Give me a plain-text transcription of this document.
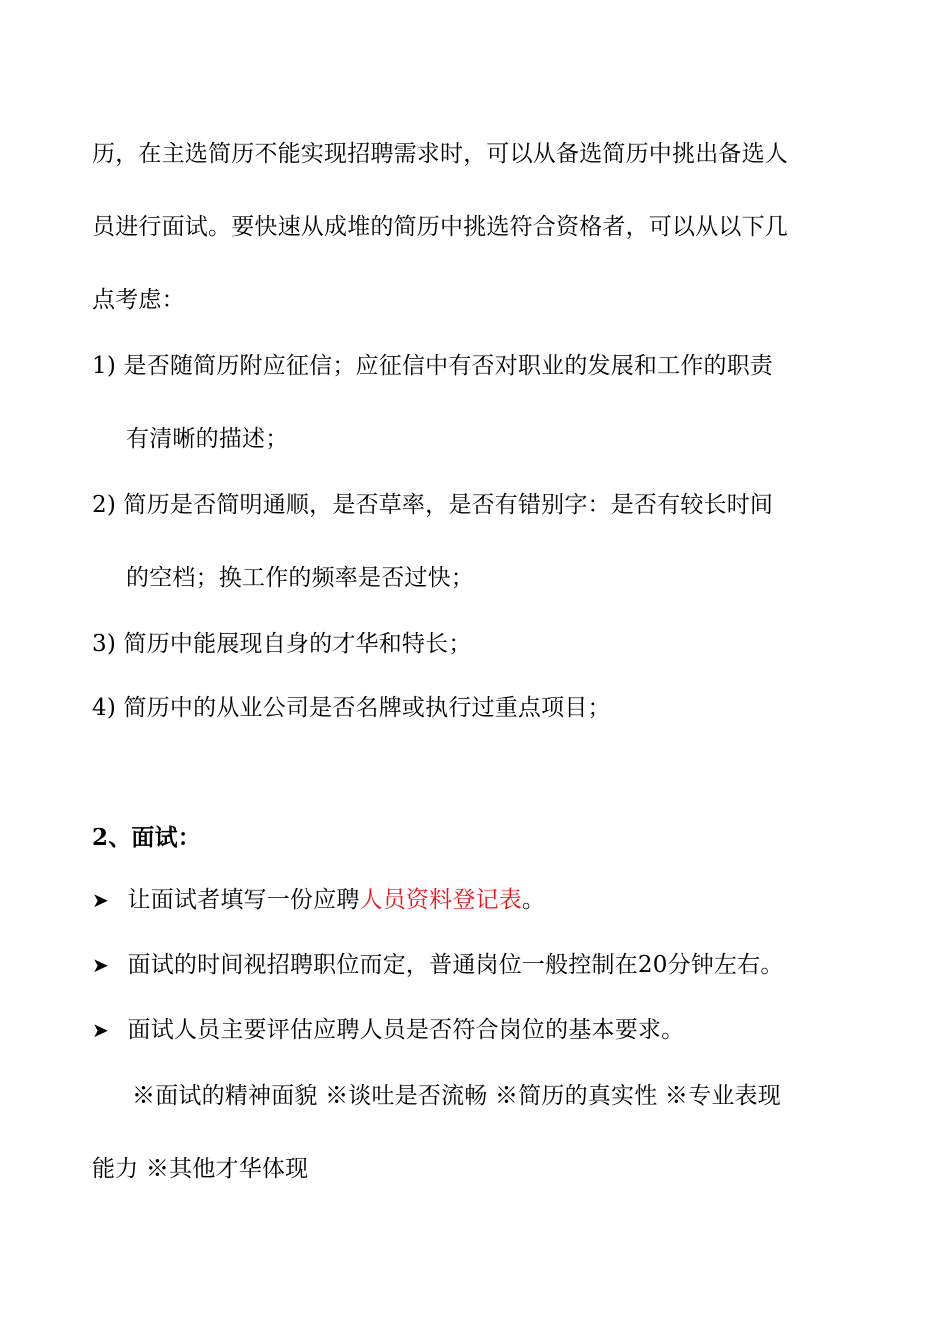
历，在主选简历不能实现招聘需求时，可以从备选简历中挑出备选人
员进行面试。要快速从成堆的简历中挑选符合资格者，可以从以下几
点考虑：
1) 是否随简历附应征信；应征信中有否对职业的发展和工作的职责
有清晰的描述；
2) 简历是否简明通顺，是否草率，是否有错别字：是否有较长时间
的空档；换工作的频率是否过快；
3) 简历中能展现自身的才华和特长；
4) 简历中的从业公司是否名牌或执行过重点项目；
2、面试：
➤ 让面试者填写一份应聘人员资料登记表。
➤ 面试的时间视招聘职位而定，普通岗位一般控制在20分钟左右。
➤ 面试人员主要评估应聘人员是否符合岗位的基本要求。
※面试的精神面貌 ※谈吐是否流畅 ※简历的真实性 ※专业表现
能力 ※其他才华体现
